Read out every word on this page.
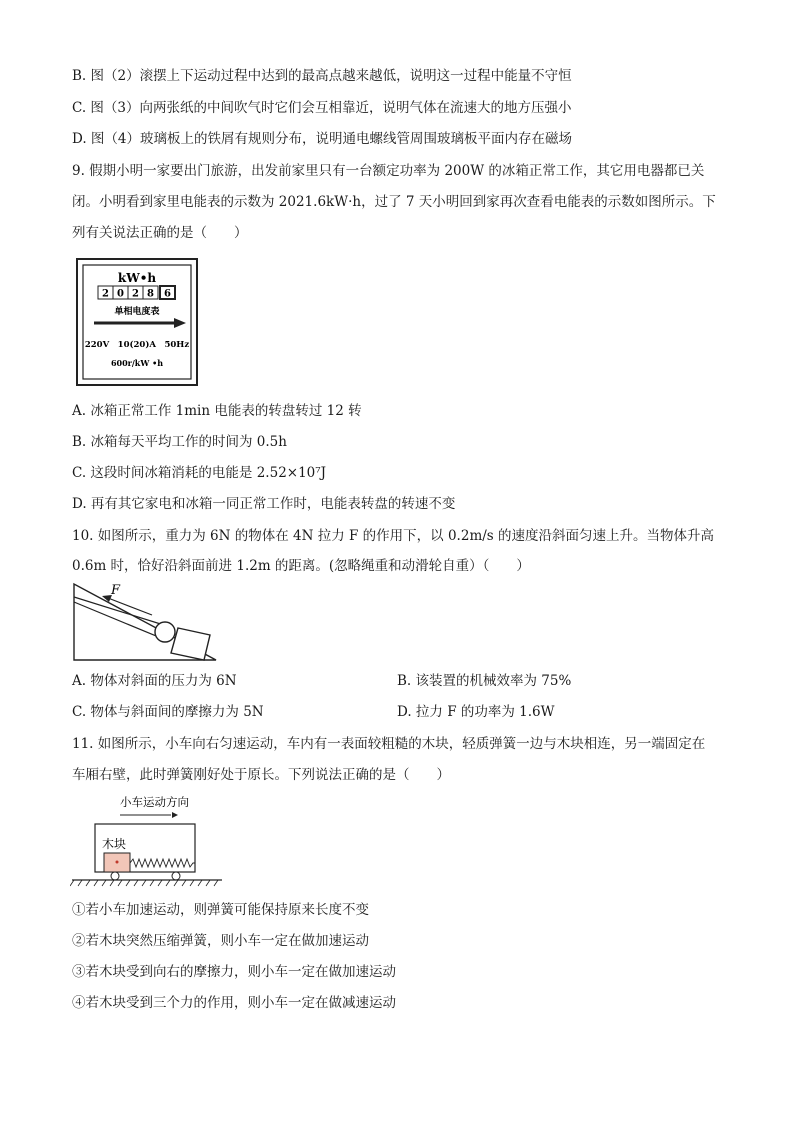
B. 图（2）滚摆上下运动过程中达到的最高点越来越低，说明这一过程中能量不守恒
C. 图（3）向两张纸的中间吹气时它们会互相靠近，说明气体在流速大的地方压强小
D. 图（4）玻璃板上的铁屑有规则分布，说明通电螺线管周围玻璃板平面内存在磁场
9. 假期小明一家要出门旅游，出发前家里只有一台额定功率为 200W 的冰箱正常工作，其它用电器都已关
闭。小明看到家里电能表的示数为 2021.6kW·h，过了 7 天小明回到家再次查看电能表的示数如图所示。下
列有关说法正确的是（　　）
kW•h
2 0 2 8 6
单相电度表
220V　10(20)A　50Hz
600r/kW •h
A. 冰箱正常工作 1min 电能表的转盘转过 12 转
B. 冰箱每天平均工作的时间为 0.5h
C. 这段时间冰箱消耗的电能是 2.52×10⁷J
D. 再有其它家电和冰箱一同正常工作时，电能表转盘的转速不变
10. 如图所示，重力为 6N 的物体在 4N 拉力 F 的作用下，以 0.2m/s 的速度沿斜面匀速上升。当物体升高
0.6m 时，恰好沿斜面前进 1.2m 的距离。(忽略绳重和动滑轮自重）（　　）
F
A. 物体对斜面的压力为 6N	B. 该装置的机械效率为 75%
C. 物体与斜面间的摩擦力为 5N	D. 拉力 F 的功率为 1.6W
11. 如图所示，小车向右匀速运动，车内有一表面较粗糙的木块，轻质弹簧一边与木块相连，另一端固定在
车厢右壁，此时弹簧刚好处于原长。下列说法正确的是（　　）
小车运动方向
木块
①若小车加速运动，则弹簧可能保持原来长度不变
②若木块突然压缩弹簧，则小车一定在做加速运动
③若木块受到向右的摩擦力，则小车一定在做加速运动
④若木块受到三个力的作用，则小车一定在做减速运动
